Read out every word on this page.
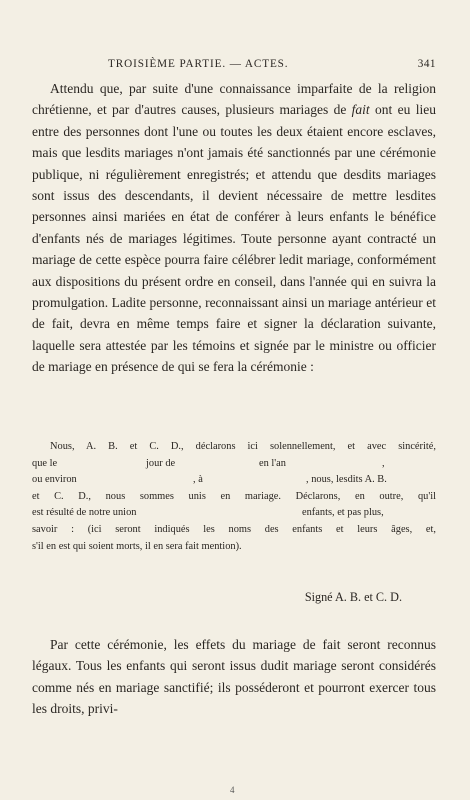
TROISIÈME PARTIE. — ACTES.	341

Attendu que, par suite d'une connaissance imparfaite de la religion chrétienne, et par d'autres causes, plusieurs mariages de fait ont eu lieu entre des personnes dont l'une ou toutes les deux étaient encore esclaves, mais que lesdits mariages n'ont jamais été sanctionnés par une cérémonie publique, ni régulièrement enregistrés; et attendu que desdits mariages sont issus des descendants, il devient nécessaire de mettre lesdites personnes ainsi mariées en état de conférer à leurs enfants le bénéfice d'enfants nés de mariages légitimes. Toute personne ayant contracté un mariage de cette espèce pourra faire célébrer ledit mariage, conformément aux dispositions du présent ordre en conseil, dans l'année qui en suivra la promulgation. Ladite personne, reconnaissant ainsi un mariage antérieur et de fait, devra en même temps faire et signer la déclaration suivante, laquelle sera attestée par les témoins et signée par le ministre ou officier de mariage en présence de qui se fera la cérémonie :

Nous, A. B. et C. D., déclarons ici solennellement, et avec sincérité,
que le	jour de	en l'an	,
ou environ	, à	, nous, lesdits A. B.
et C. D., nous sommes unis en mariage. Déclarons, en outre, qu'il
est résulté de notre union	enfants, et pas plus,
savoir : (ici seront indiqués les noms des enfants et leurs âges, et,
s'il en est qui soient morts, il en sera fait mention).
Signé A. B. et C. D.

Par cette cérémonie, les effets du mariage de fait seront reconnus légaux. Tous les enfants qui seront issus dudit mariage seront considérés comme nés en mariage sanctifié; ils posséderont et pourront exercer tous les droits, privi-

4
